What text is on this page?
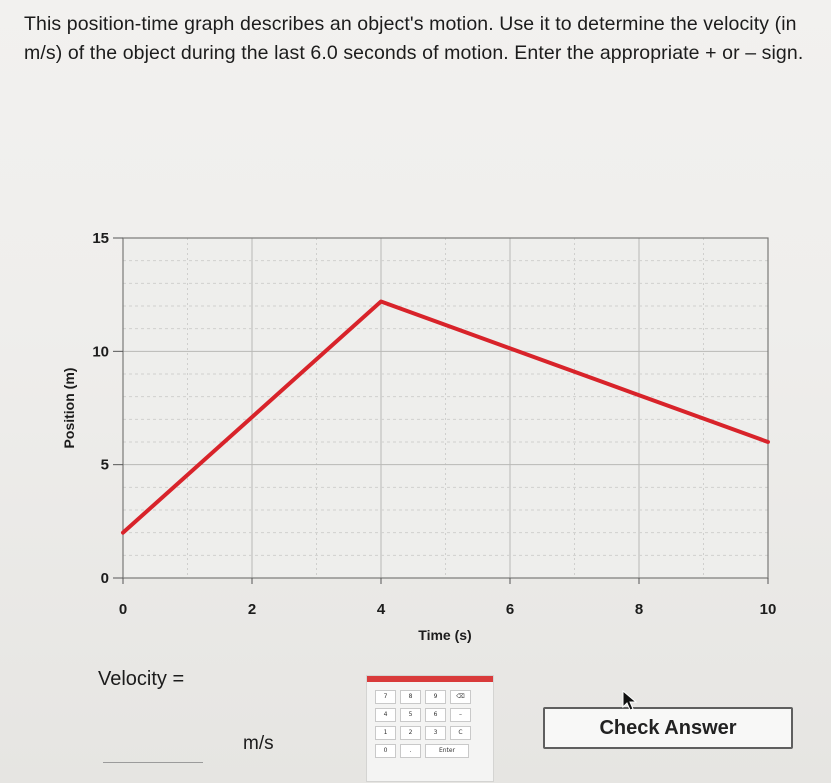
This position-time graph describes an object's motion. Use it to determine the velocity (in m/s) of the object during the last 6.0 seconds of motion. Enter the appropriate + or – sign.
0	2	4	6	8	10
0
5
10
15
Time (s)
Position (m)
Velocity =
m/s
7	8	9	⌫
4	5	6	–
1	2	3	C
0	.	Enter
Check Answer
